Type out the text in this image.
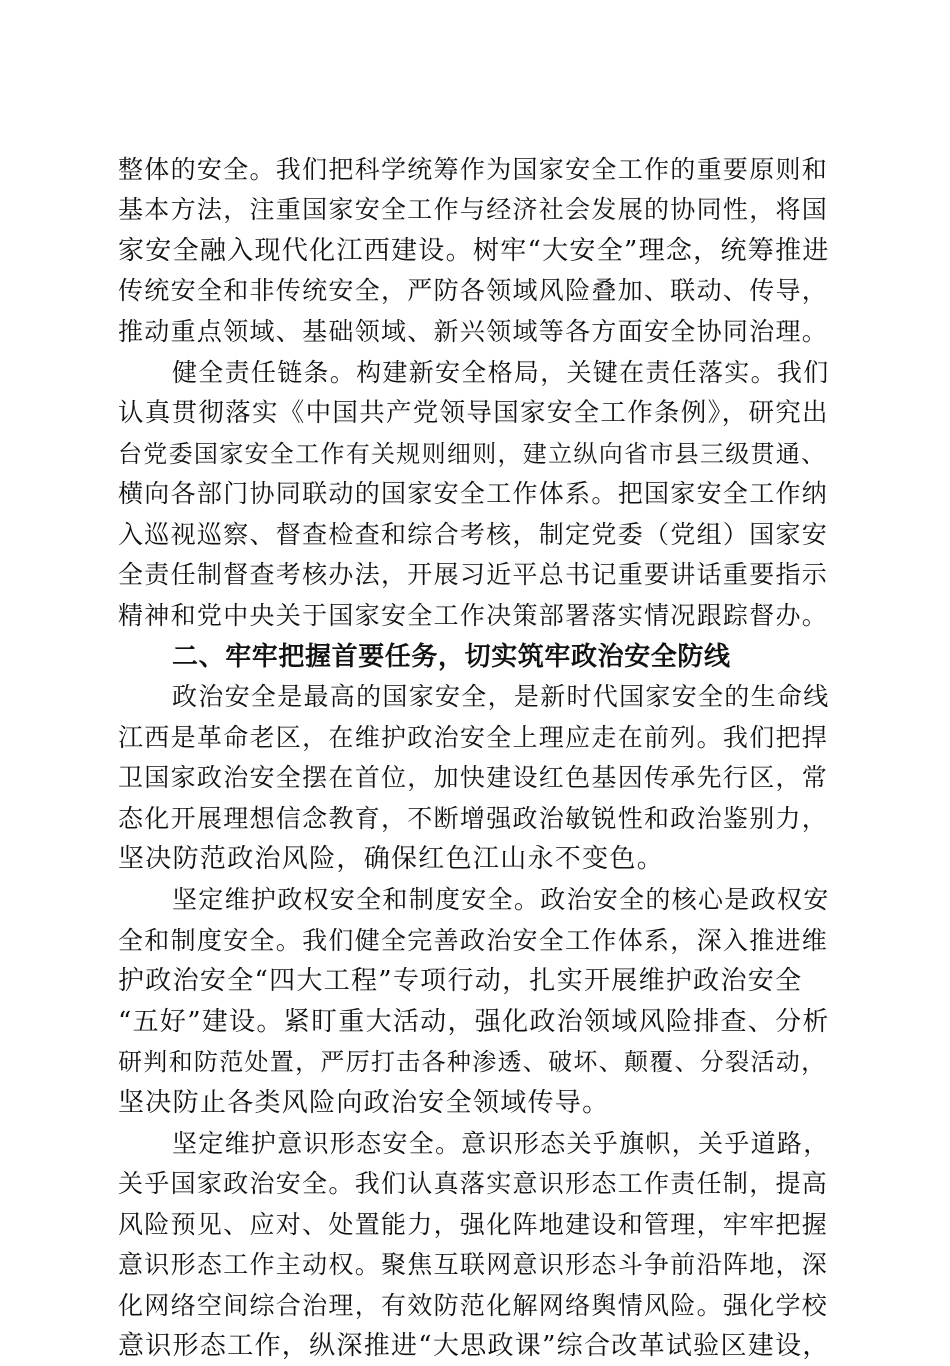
整体的安全。我们把科学统筹作为国家安全工作的重要原则和
基本方法，注重国家安全工作与经济社会发展的协同性，将国
家安全融入现代化江西建设。树牢“大安全”理念，统筹推进
传统安全和非传统安全，严防各领域风险叠加、联动、传导，
推动重点领域、基础领域、新兴领域等各方面安全协同治理。
健全责任链条。构建新安全格局，关键在责任落实。我们
认真贯彻落实《中国共产党领导国家安全工作条例》，研究出
台党委国家安全工作有关规则细则，建立纵向省市县三级贯通、
横向各部门协同联动的国家安全工作体系。把国家安全工作纳
入巡视巡察、督查检查和综合考核，制定党委（党组）国家安
全责任制督查考核办法，开展习近平总书记重要讲话重要指示
精神和党中央关于国家安全工作决策部署落实情况跟踪督办。
二、牢牢把握首要任务，切实筑牢政治安全防线
政治安全是最高的国家安全，是新时代国家安全的生命线
江西是革命老区，在维护政治安全上理应走在前列。我们把捍
卫国家政治安全摆在首位，加快建设红色基因传承先行区，常
态化开展理想信念教育，不断增强政治敏锐性和政治鉴别力，
坚决防范政治风险，确保红色江山永不变色。
坚定维护政权安全和制度安全。政治安全的核心是政权安
全和制度安全。我们健全完善政治安全工作体系，深入推进维
护政治安全“四大工程”专项行动，扎实开展维护政治安全
“五好”建设。紧盯重大活动，强化政治领域风险排查、分析
研判和防范处置，严厉打击各种渗透、破坏、颠覆、分裂活动，
坚决防止各类风险向政治安全领域传导。
坚定维护意识形态安全。意识形态关乎旗帜，关乎道路，
关乎国家政治安全。我们认真落实意识形态工作责任制，提高
风险预见、应对、处置能力，强化阵地建设和管理，牢牢把握
意识形态工作主动权。聚焦互联网意识形态斗争前沿阵地，深
化网络空间综合治理，有效防范化解网络舆情风险。强化学校
意识形态工作，纵深推进“大思政课”综合改革试验区建设，
